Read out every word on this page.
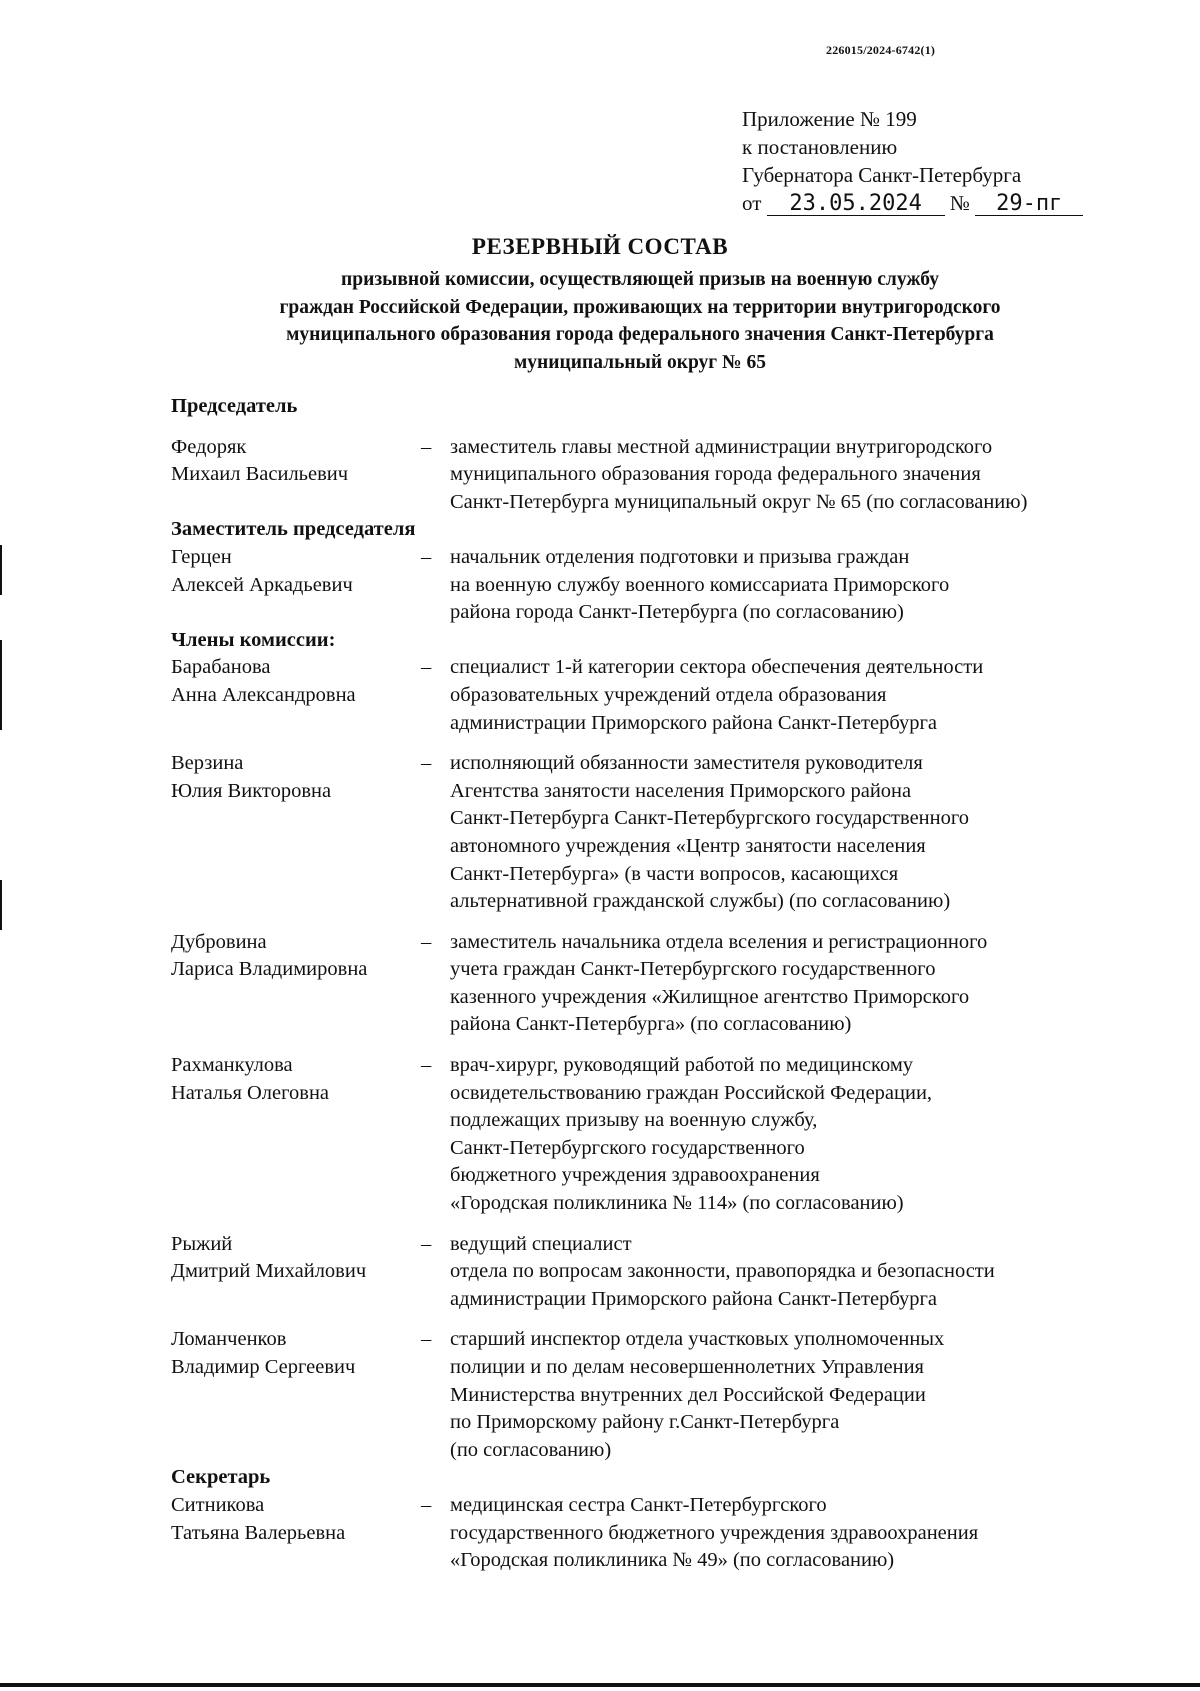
226015/2024-6742(1)
Приложение № 199
к постановлению
Губернатора Санкт-Петербурга
от 23.05.2024 № 29-пг
РЕЗЕРВНЫЙ СОСТАВ
призывной комиссии, осуществляющей призыв на военную службу
граждан Российской Федерации, проживающих на территории внутригородского
муниципального образования города федерального значения Санкт-Петербурга
муниципальный округ № 65
Председатель
Федоряк
Михаил Васильевич
– заместитель главы местной администрации внутригородского
муниципального образования города федерального значения
Санкт-Петербурга муниципальный округ № 65 (по согласованию)
Заместитель председателя
Герцен
Алексей Аркадьевич
– начальник отделения подготовки и призыва граждан
на военную службу военного комиссариата Приморского
района города Санкт-Петербурга (по согласованию)
Члены комиссии:
Барабанова
Анна Александровна
– специалист 1-й категории сектора обеспечения деятельности
образовательных учреждений отдела образования
администрации Приморского района Санкт-Петербурга
Верзина
Юлия Викторовна
– исполняющий обязанности заместителя руководителя
Агентства занятости населения Приморского района
Санкт-Петербурга Санкт-Петербургского государственного
автономного учреждения «Центр занятости населения
Санкт-Петербурга» (в части вопросов, касающихся
альтернативной гражданской службы) (по согласованию)
Дубровина
Лариса Владимировна
– заместитель начальника отдела вселения и регистрационного
учета граждан Санкт-Петербургского государственного
казенного учреждения «Жилищное агентство Приморского
района Санкт-Петербурга» (по согласованию)
Рахманкулова
Наталья Олеговна
– врач-хирург, руководящий работой по медицинскому
освидетельствованию граждан Российской Федерации,
подлежащих призыву на военную службу,
Санкт-Петербургского государственного
бюджетного учреждения здравоохранения
«Городская поликлиника № 114» (по согласованию)
Рыжий
Дмитрий Михайлович
– ведущий специалист
отдела по вопросам законности, правопорядка и безопасности
администрации Приморского района Санкт-Петербурга
Ломанченков
Владимир Сергеевич
– старший инспектор отдела участковых уполномоченных
полиции и по делам несовершеннолетних Управления
Министерства внутренних дел Российской Федерации
по Приморскому району г.Санкт-Петербурга
(по согласованию)
Секретарь
Ситникова
Татьяна Валерьевна
– медицинская сестра Санкт-Петербургского
государственного бюджетного учреждения здравоохранения
«Городская поликлиника № 49» (по согласованию)
